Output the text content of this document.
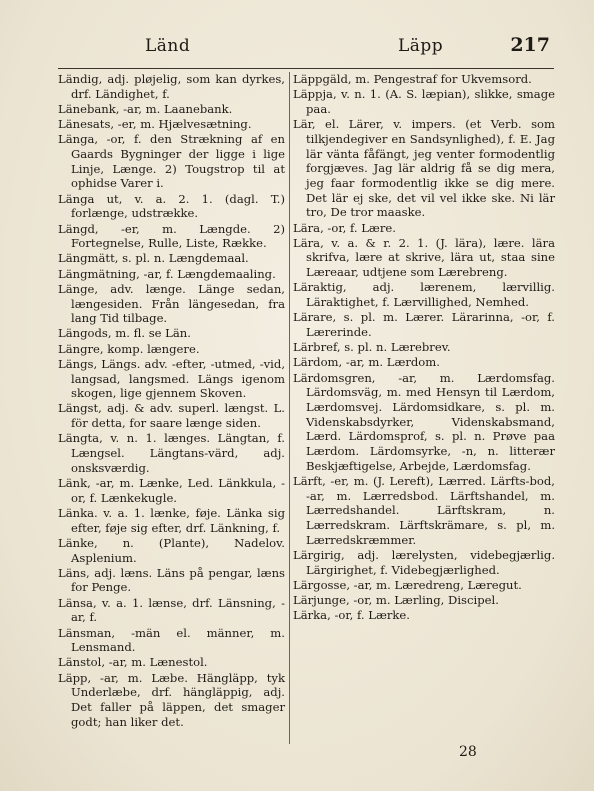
Länd	Läpp	217

Ländig, adj. pløjelig, som kan dyrkes, drf. Ländighet, f.

Länebank, -ar, m. Laanebank.

Länesats, -er, m. Hjælvesætning.

Länga, -or, f. den Strækning af en Gaards Bygninger der ligge i lige Linje, Længe. 2) Tougstrop til at ophidse Varer i.

Länga ut, v. a. 2. 1. (dagl. T.) forlænge, udstrække.

Längd, -er, m. Længde. 2) Fortegnelse, Rulle, Liste, Række.

Längmätt, s. pl. n. Længdemaal.

Längmätning, -ar, f. Længdemaaling.

Länge, adv. længe. Länge sedan, længesiden. Från längesedan, fra lang Tid tilbage.

Längods, m. fl. se Län.

Längre, komp. længere.

Längs, Längs. adv. -efter, -utmed, -vid, langsad, langsmed. Längs igenom skogen, lige gjennem Skoven.

Längst, adj. & adv. superl. længst. L. för detta, for saare længe siden.

Längta, v. n. 1. længes. Längtan, f. Længsel. Längtans-värd, adj. onsksværdig.

Länk, -ar, m. Lænke, Led. Länkkula, -or, f. Lænkekugle.

Länka. v. a. 1. lænke, føje. Länka sig efter, føje sig efter, drf. Länkning, f.

Länke, n. (Plante), Nadelov. Asplenium.

Läns, adj. læns. Läns på pengar, læns for Penge.

Länsa, v. a. 1. lænse, drf. Länsning, -ar, f.

Länsman, -män el. männer, m. Lensmand.

Länstol, -ar, m. Lænestol.

Läpp, -ar, m. Læbe. Hängläpp, tyk Underlæbe, drf. hängläppig, adj. Det faller på läppen, det smager godt; han liker det.

Läppgäld, m. Pengestraf for Ukvemsord.

Läppja, v. n. 1. (A. S. læpian), slikke, smage paa.

Lär, el. Lärer, v. impers. (et Verb. som tilkjendegiver en Sandsynlighed), f. E. Jag lär vänta fåfängt, jeg venter formodentlig forgjæves. Jag lär aldrig få se dig mera, jeg faar formodentlig ikke se dig mere. Det lär ej ske, det vil vel ikke ske. Ni lär tro, De tror maaske.

Lära, -or, f. Lære.

Lära, v. a. & r. 2. 1. (J. lära), lære. lära skrifva, lære at skrive, lära ut, staa sine Læreaar, udtjene som Lærebreng.

Läraktig, adj. lærenem, lærvillig. Läraktighet, f. Lærvillighed, Nemhed.

Lärare, s. pl. m. Lærer. Lärarinna, -or, f. Lærerinde.

Lärbref, s. pl. n. Lærebrev.

Lärdom, -ar, m. Lærdom.

Lärdomsgren, -ar, m. Lærdomsfag. Lärdomsväg, m. med Hensyn til Lærdom, Lærdomsvej. Lärdomsidkare, s. pl. m. Videnskabsdyrker, Videnskabsmand, Lærd. Lärdomsprof, s. pl. n. Prøve paa Lærdom. Lärdomsyrke, -n, n. litterær Beskjæftigelse, Arbejde, Lærdomsfag.

Lärft, -er, m. (J. Lereft), Lærred. Lärfts-bod, -ar, m. Lærredsbod. Lärftshandel, m. Lærredshandel. Lärftskram, n. Lærredskram. Lärftskrämare, s. pl, m. Lærredskræmmer.

Lärgirig, adj. lærelysten, videbegjærlig. Lärgirighet, f. Videbegjærlighed.

Lärgosse, -ar, m. Læredreng, Læregut.

Lärjunge, -or, m. Lærling, Discipel.

Lärka, -or, f. Lærke.

28
